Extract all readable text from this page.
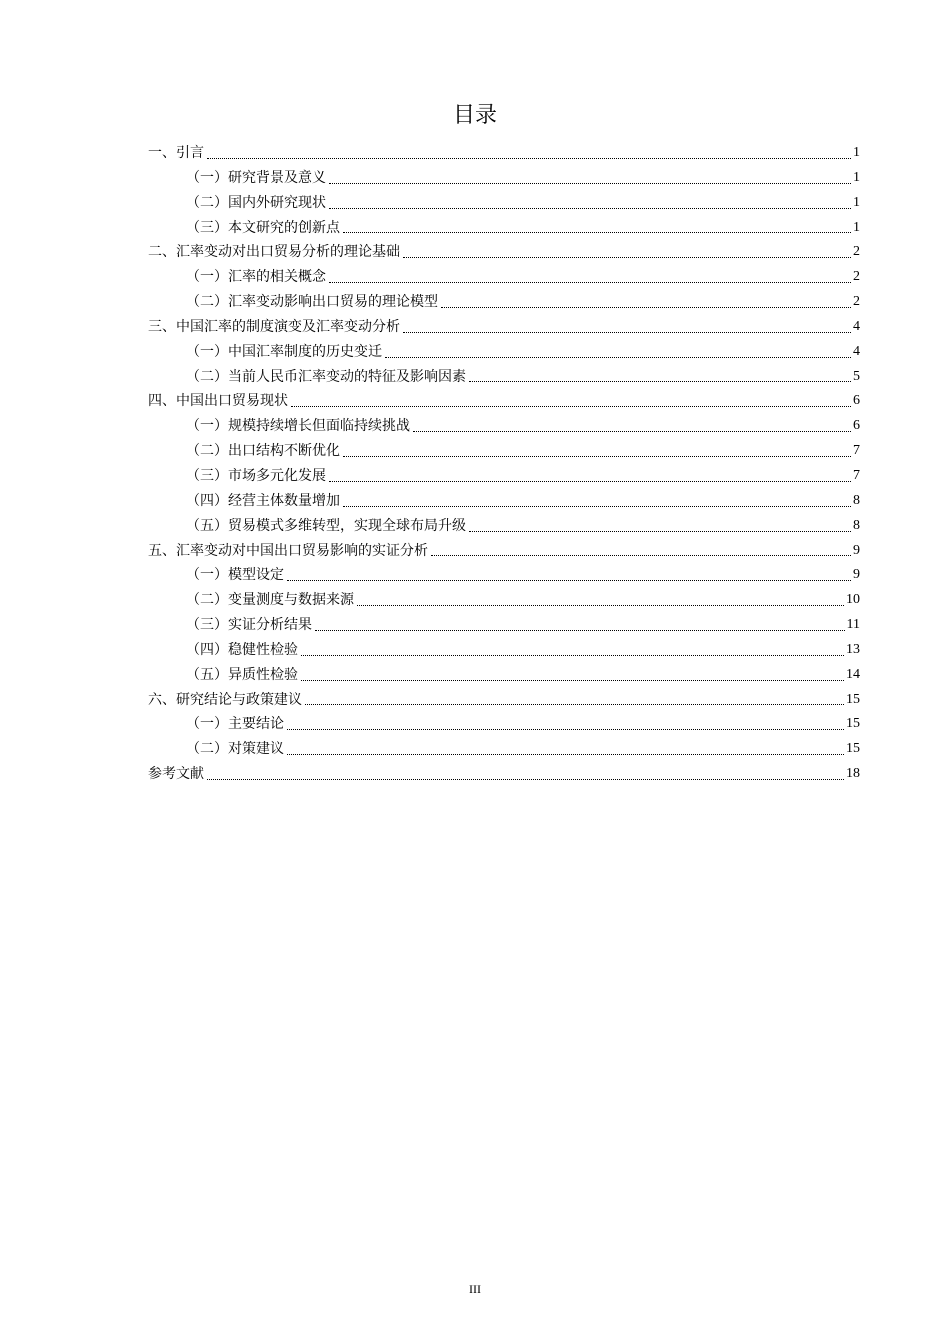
目录
一、引言	1
（一）研究背景及意义	1
（二）国内外研究现状	1
（三）本文研究的创新点	1
二、汇率变动对出口贸易分析的理论基础	2
（一）汇率的相关概念	2
（二）汇率变动影响出口贸易的理论模型	2
三、中国汇率的制度演变及汇率变动分析	4
（一）中国汇率制度的历史变迁	4
（二）当前人民币汇率变动的特征及影响因素	5
四、中国出口贸易现状	6
（一）规模持续增长但面临持续挑战	6
（二）出口结构不断优化	7
（三）市场多元化发展	7
（四）经营主体数量增加	8
（五）贸易模式多维转型，实现全球布局升级	8
五、汇率变动对中国出口贸易影响的实证分析	9
（一）模型设定	9
（二）变量测度与数据来源	10
（三）实证分析结果	11
（四）稳健性检验	13
（五）异质性检验	14
六、研究结论与政策建议	15
（一）主要结论	15
（二）对策建议	15
参考文献	18
III
